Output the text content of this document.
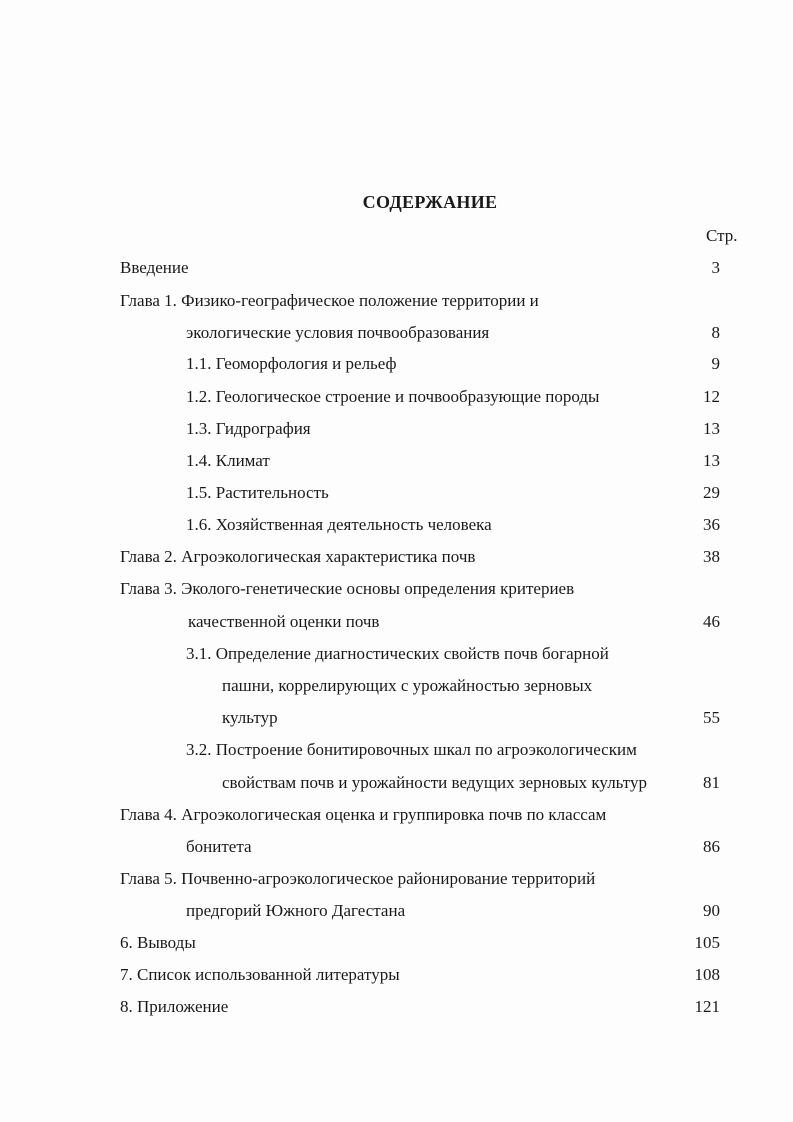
СОДЕРЖАНИЕ
Стр.
Введение	3
Глава 1. Физико-географическое положение территории и
экологические условия почвообразования	8
1.1. Геоморфология и рельеф	9
1.2. Геологическое строение и почвообразующие породы	12
1.3. Гидрография	13
1.4. Климат	13
1.5. Растительность	29
1.6. Хозяйственная деятельность человека	36
Глава 2. Агроэкологическая характеристика почв	38
Глава 3. Эколого-генетические основы определения критериев
качественной оценки почв	46
3.1. Определение диагностических свойств почв богарной
пашни, коррелирующих с урожайностью зерновых
культур	55
3.2. Построение бонитировочных шкал по агроэкологическим
свойствам почв и урожайности ведущих зерновых культур	81
Глава 4. Агроэкологическая оценка и группировка почв по классам
бонитета	86
Глава 5. Почвенно-агроэкологическое районирование территорий
предгорий Южного Дагестана	90
6. Выводы	105
7. Список использованной литературы	108
8. Приложение	121
